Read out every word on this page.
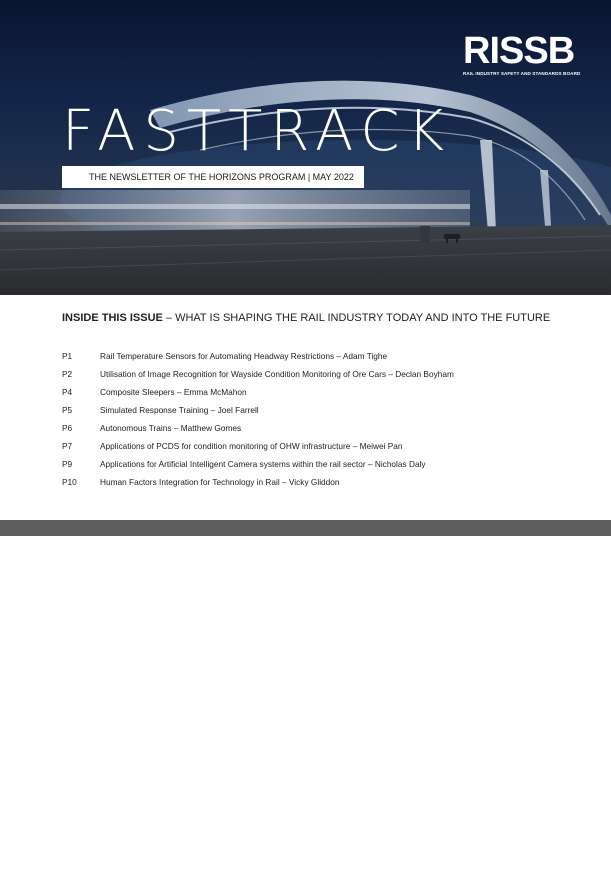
RISSB
RAIL INDUSTRY SAFETY AND STANDARDS BOARD
FASTTRACK
THE NEWSLETTER OF THE HORIZONS PROGRAM | MAY 2022
INSIDE THIS ISSUE – WHAT IS SHAPING THE RAIL INDUSTRY TODAY AND INTO THE FUTURE
P1	Rail Temperature Sensors for Automating Headway Restrictions – Adam Tighe
P2	Utilisation of Image Recognition for Wayside Condition Monitoring of Ore Cars – Declan Boyham
P4	Composite Sleepers – Emma McMahon
P5	Simulated Response Training – Joel Farrell
P6	Autonomous Trains – Matthew Gomes
P7	Applications of PCDS for condition monitoring of OHW infrastructure – Meiwei Pan
P9	Applications for Artificial Intelligent Camera systems within the rail sector – Nicholas Daly
P10	Human Factors Integration for Technology in Rail – Vicky Gliddon
